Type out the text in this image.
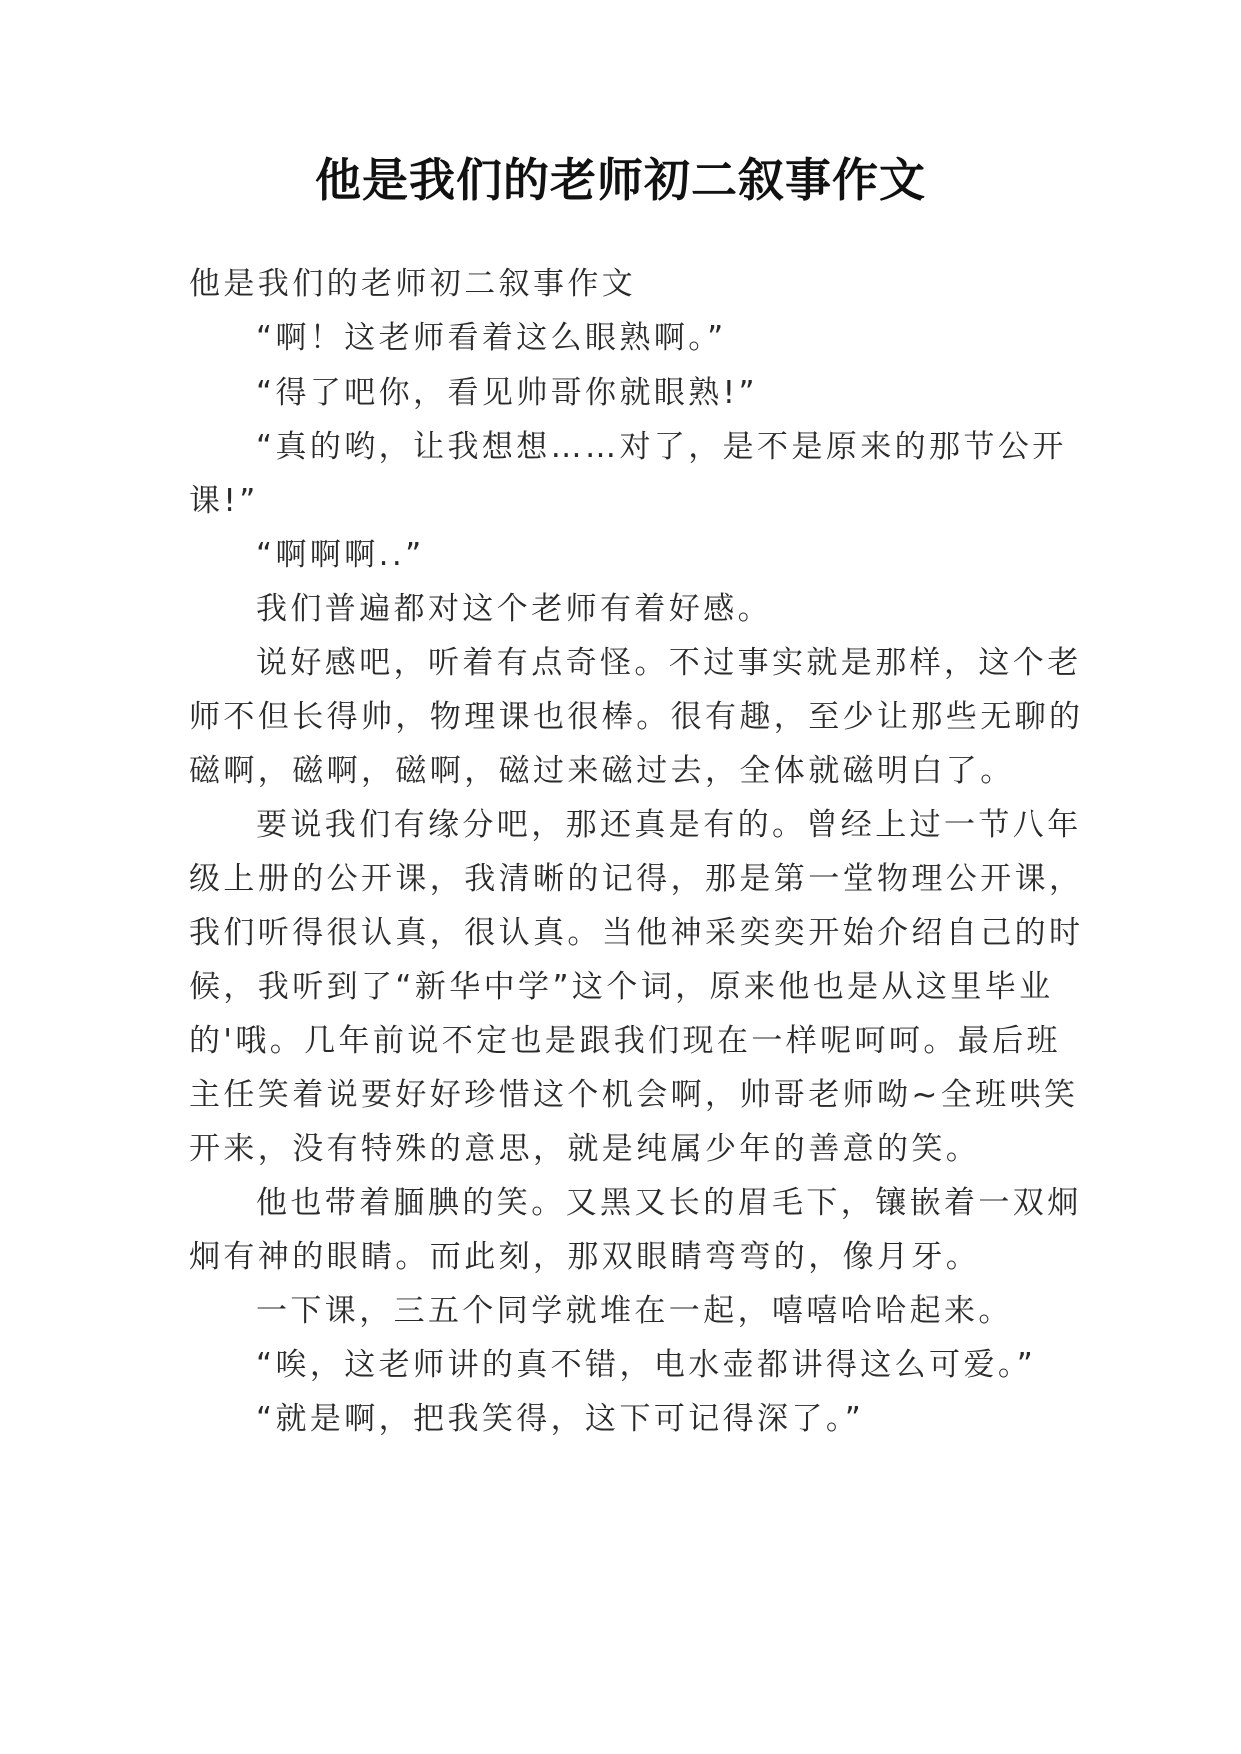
他是我们的老师初二叙事作文
他是我们的老师初二叙事作文
“啊！这老师看着这么眼熟啊。”
“得了吧你，看见帅哥你就眼熟!”
“真的哟，让我想想……对了，是不是原来的那节公开
课!”
“啊啊啊..”
我们普遍都对这个老师有着好感。
说好感吧，听着有点奇怪。不过事实就是那样，这个老
师不但长得帅，物理课也很棒。很有趣，至少让那些无聊的
磁啊，磁啊，磁啊，磁过来磁过去，全体就磁明白了。
要说我们有缘分吧，那还真是有的。曾经上过一节八年
级上册的公开课，我清晰的记得，那是第一堂物理公开课，
我们听得很认真，很认真。当他神采奕奕开始介绍自己的时
候，我听到了“新华中学”这个词，原来他也是从这里毕业
的'哦。几年前说不定也是跟我们现在一样呢呵呵。最后班
主任笑着说要好好珍惜这个机会啊，帅哥老师呦~全班哄笑
开来，没有特殊的意思，就是纯属少年的善意的笑。
他也带着腼腆的笑。又黑又长的眉毛下，镶嵌着一双炯
炯有神的眼睛。而此刻，那双眼睛弯弯的，像月牙。
一下课，三五个同学就堆在一起，嘻嘻哈哈起来。
“唉，这老师讲的真不错，电水壶都讲得这么可爱。”
“就是啊，把我笑得，这下可记得深了。”
